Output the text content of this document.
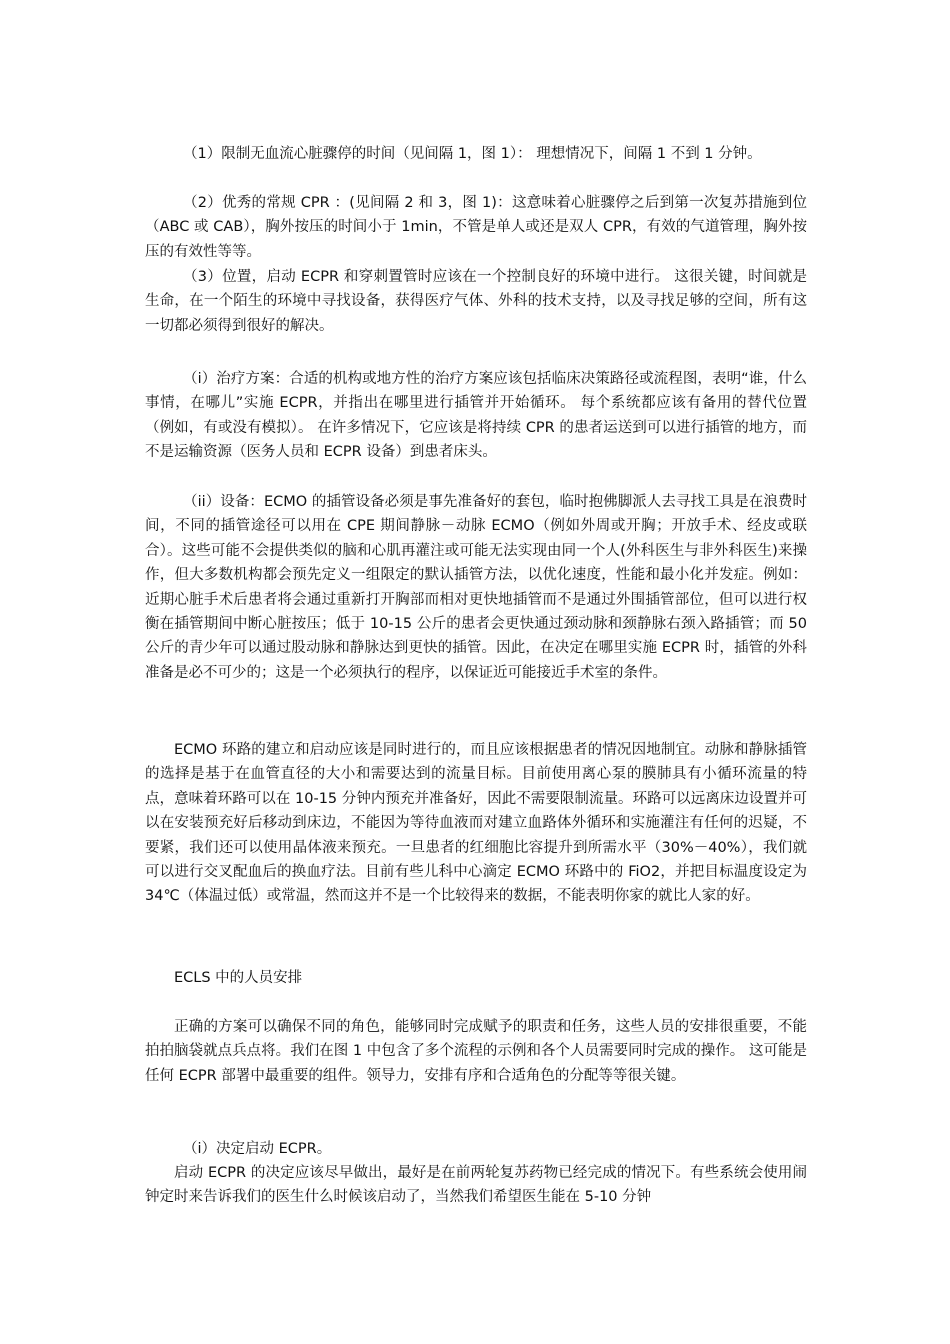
（1）限制无血流心脏骤停的时间（见间隔 1，图 1）： 理想情况下，间隔 1 不到 1 分钟。

（2）优秀的常规 CPR ：(见间隔 2 和 3，图 1)：这意味着心脏骤停之后到第一次复苏措施到位（ABC 或 CAB），胸外按压的时间小于 1min，不管是单人或还是双人 CPR，有效的气道管理，胸外按压的有效性等等。

（3）位置，启动 ECPR 和穿刺置管时应该在一个控制良好的环境中进行。 这很关键，时间就是生命，在一个陌生的环境中寻找设备，获得医疗气体、外科的技术支持，以及寻找足够的空间，所有这一切都必须得到很好的解决。

（i）治疗方案：合适的机构或地方性的治疗方案应该包括临床决策路径或流程图，表明“谁，什么事情，在哪儿”实施 ECPR，并指出在哪里进行插管并开始循环。 每个系统都应该有备用的替代位置（例如，有或没有模拟）。 在许多情况下，它应该是将持续 CPR 的患者运送到可以进行插管的地方，而不是运输资源（医务人员和 ECPR 设备）到患者床头。

（ii）设备：ECMO 的插管设备必须是事先准备好的套包，临时抱佛脚派人去寻找工具是在浪费时间，不同的插管途径可以用在 CPE 期间静脉－动脉 ECMO（例如外周或开胸；开放手术、经皮或联合）。这些可能不会提供类似的脑和心肌再灌注或可能无法实现由同一个人(外科医生与非外科医生)来操作，但大多数机构都会预先定义一组限定的默认插管方法，以优化速度，性能和最小化并发症。例如：近期心脏手术后患者将会通过重新打开胸部而相对更快地插管而不是通过外围插管部位，但可以进行权衡在插管期间中断心脏按压；低于 10-15 公斤的患者会更快通过颈动脉和颈静脉右颈入路插管；而 50 公斤的青少年可以通过股动脉和静脉达到更快的插管。因此，在决定在哪里实施 ECPR 时，插管的外科准备是必不可少的；这是一个必须执行的程序，以保证近可能接近手术室的条件。

ECMO 环路的建立和启动应该是同时进行的，而且应该根据患者的情况因地制宜。动脉和静脉插管的选择是基于在血管直径的大小和需要达到的流量目标。目前使用离心泵的膜肺具有小循环流量的特点，意味着环路可以在 10-15 分钟内预充并准备好，因此不需要限制流量。环路可以远离床边设置并可以在安装预充好后移动到床边，不能因为等待血液而对建立血路体外循环和实施灌注有任何的迟疑，不要紧，我们还可以使用晶体液来预充。一旦患者的红细胞比容提升到所需水平（30%－40%），我们就可以进行交叉配血后的换血疗法。目前有些儿科中心滴定 ECMO 环路中的 FiO2，并把目标温度设定为 34℃（体温过低）或常温，然而这并不是一个比较得来的数据，不能表明你家的就比人家的好。

ECLS 中的人员安排

正确的方案可以确保不同的角色，能够同时完成赋予的职责和任务，这些人员的安排很重要，不能拍拍脑袋就点兵点将。我们在图 1 中包含了多个流程的示例和各个人员需要同时完成的操作。 这可能是任何 ECPR 部署中最重要的组件。领导力，安排有序和合适角色的分配等等很关键。

（i）决定启动 ECPR。

启动 ECPR 的决定应该尽早做出，最好是在前两轮复苏药物已经完成的情况下。有些系统会使用闹钟定时来告诉我们的医生什么时候该启动了，当然我们希望医生能在 5-10 分钟
